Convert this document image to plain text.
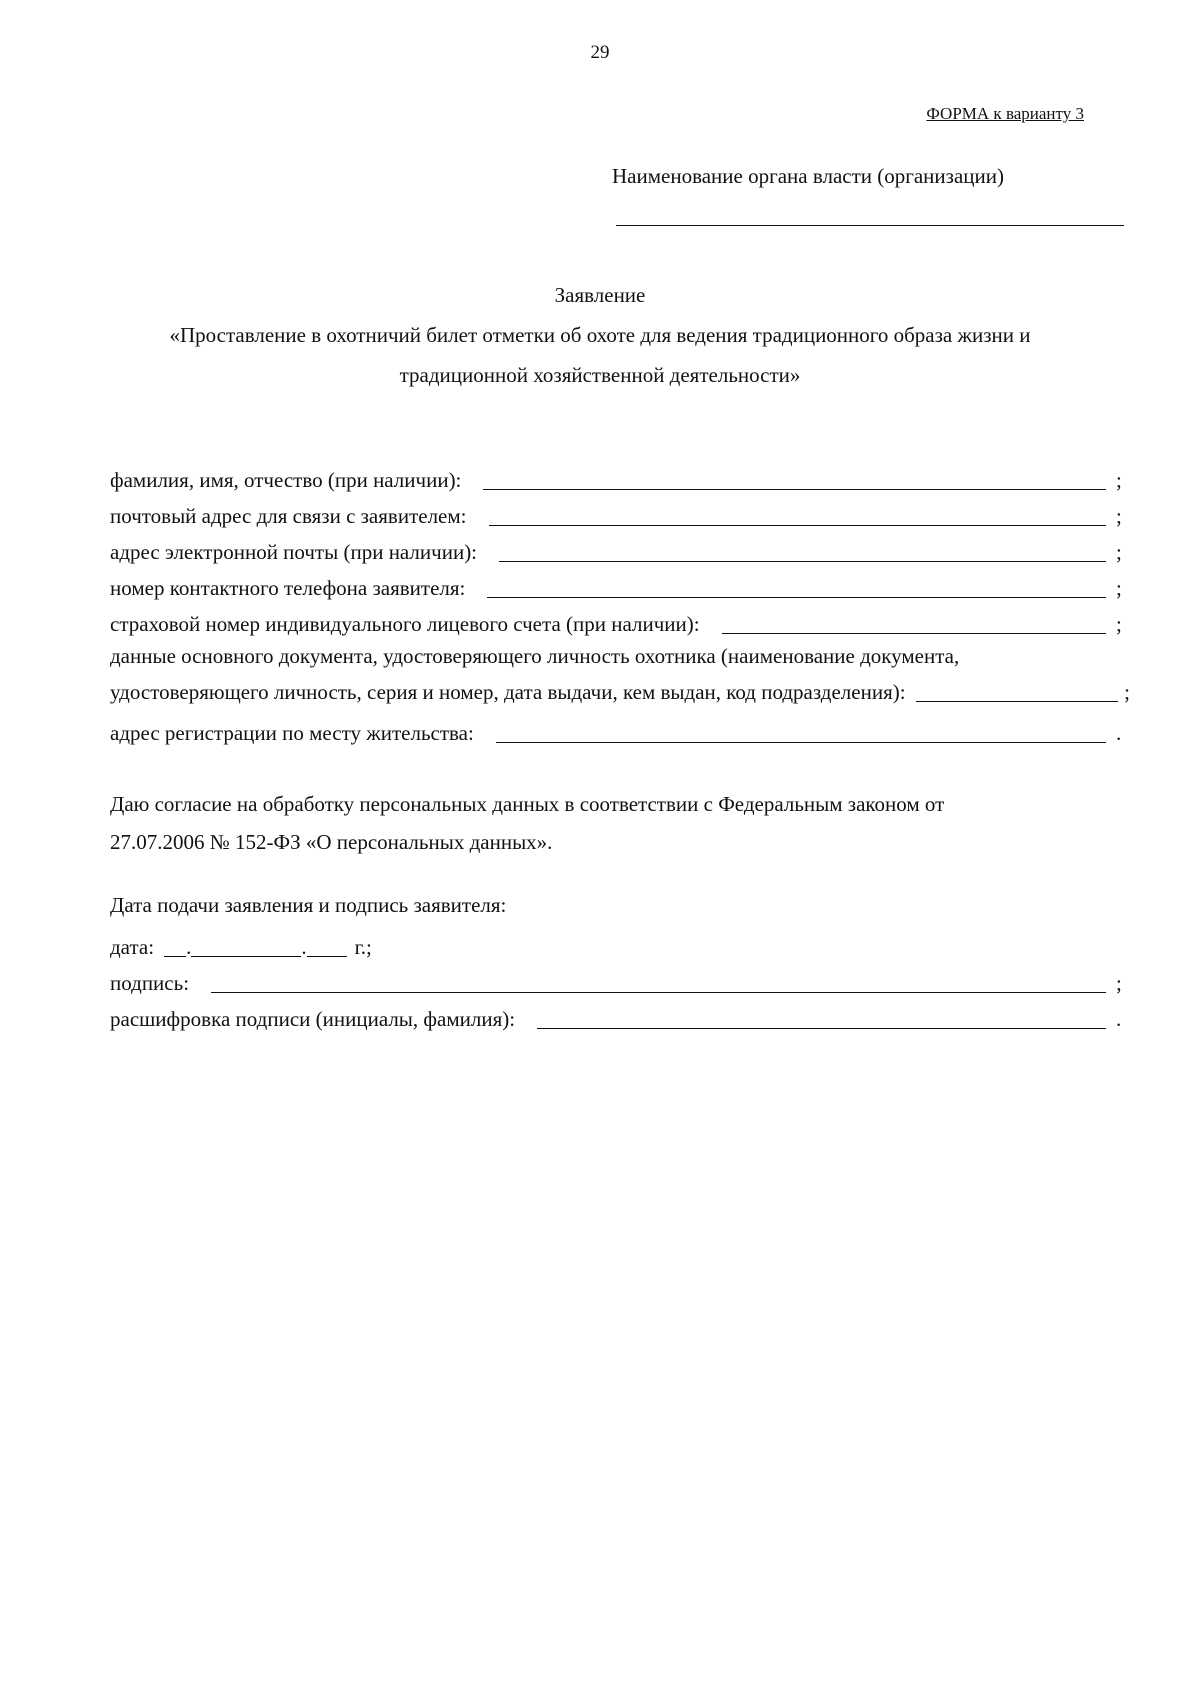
29
ФОРМА к варианту 3
Наименование органа власти (организации)
Заявление
«Проставление в охотничий билет отметки об охоте для ведения традиционного образа жизни и
традиционной хозяйственной деятельности»
фамилия, имя, отчество (при наличии):	;
почтовый адрес для связи с заявителем:	;
адрес электронной почты (при наличии):	;
номер контактного телефона заявителя:	;
страховой номер индивидуального лицевого счета (при наличии):	;
данные основного документа, удостоверяющего личность охотника (наименование документа,
удостоверяющего личность, серия и номер, дата выдачи, кем выдан, код подразделения):	;
адрес регистрации по месту жительства:	.
Даю согласие на обработку персональных данных в соответствии с Федеральным законом от
27.07.2006 № 152-ФЗ «О персональных данных».
Дата подачи заявления и подпись заявителя:
дата: .	. г.;
подпись:	;
расшифровка подписи (инициалы, фамилия):	.
